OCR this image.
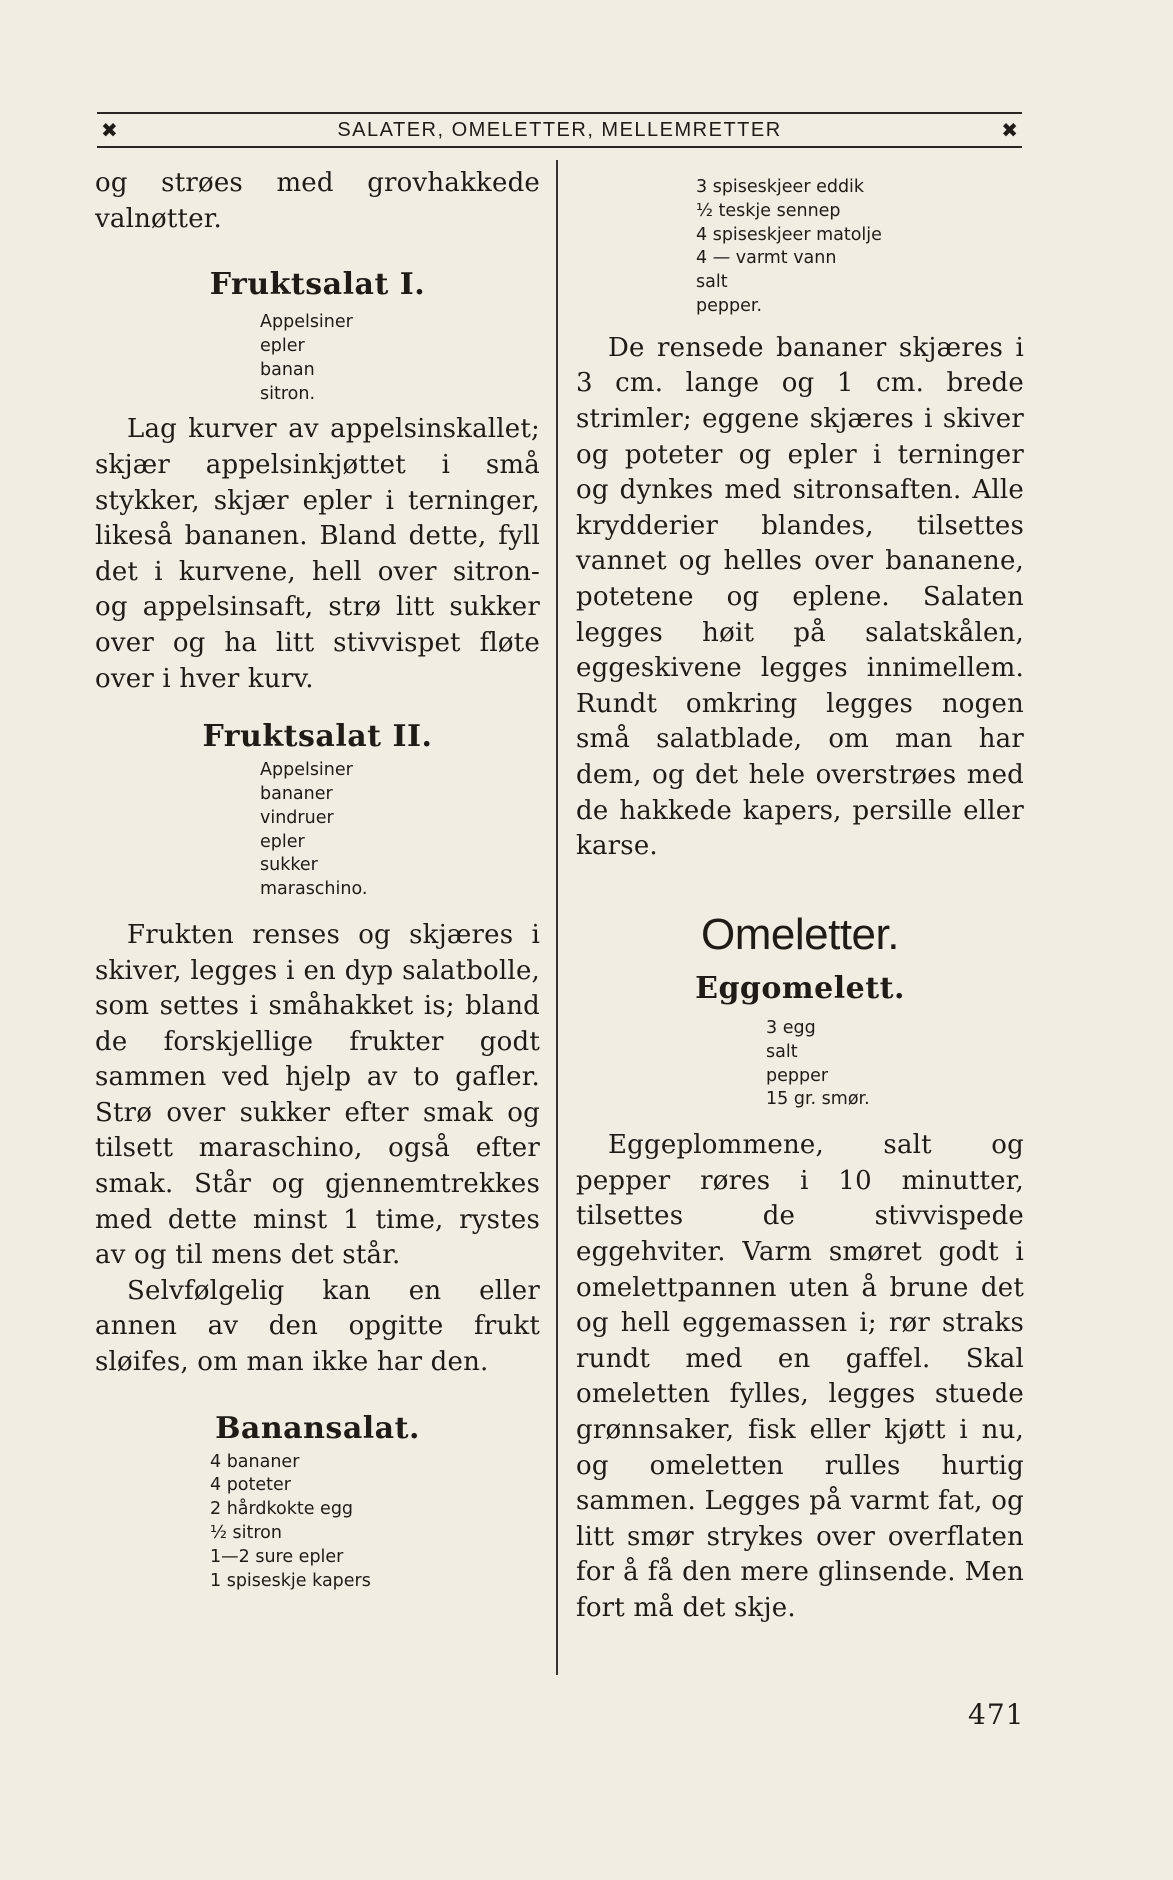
✖	SALATER, OMELETTER, MELLEMRETTER	✖

og strøes med grovhakkede valnøtter.

Fruktsalat I.
Appelsiner
epler
banan
sitron.

Lag kurver av appelsinskallet; skjær appelsinkjøttet i små stykker, skjær epler i terninger, likeså bananen. Bland dette, fyll det i kurvene, hell over sitron- og appelsinsaft, strø litt sukker over og ha litt stivvispet fløte over i hver kurv.

Fruktsalat II.
Appelsiner
bananer
vindruer
epler
sukker
maraschino.

Frukten renses og skjæres i skiver, legges i en dyp salatbolle, som settes i småhakket is; bland de forskjellige frukter godt sammen ved hjelp av to gafler. Strø over sukker efter smak og tilsett maraschino, også efter smak. Står og gjennemtrekkes med dette minst 1 time, rystes av og til mens det står.

Selvfølgelig kan en eller annen av den opgitte frukt sløifes, om man ikke har den.

Banansalat.
4 bananer
4 poteter
2 hårdkokte egg
½ sitron
1—2 sure epler
1 spiseskje kapers
3 spiseskjeer eddik
½ teskje sennep
4 spiseskjeer matolje
4 — varmt vann
salt
pepper.

De rensede bananer skjæres i 3 cm. lange og 1 cm. brede strimler; eggene skjæres i skiver og poteter og epler i terninger og dynkes med sitronsaften. Alle krydderier blandes, tilsettes vannet og helles over bananene, potetene og eplene. Salaten legges høit på salatskålen, eggeskivene legges innimellem. Rundt omkring legges nogen små salatblade, om man har dem, og det hele overstrøes med de hakkede kapers, persille eller karse.

Omeletter.
Eggomelett.
3 egg
salt
pepper
15 gr. smør.

Eggeplommene, salt og pepper røres i 10 minutter, tilsettes de stivvispede eggehviter. Varm smøret godt i omelettpannen uten å brune det og hell eggemassen i; rør straks rundt med en gaffel. Skal omeletten fylles, legges stuede grønnsaker, fisk eller kjøtt i nu, og omeletten rulles hurtig sammen. Legges på varmt fat, og litt smør strykes over overflaten for å få den mere glinsende. Men fort må det skje.

471
